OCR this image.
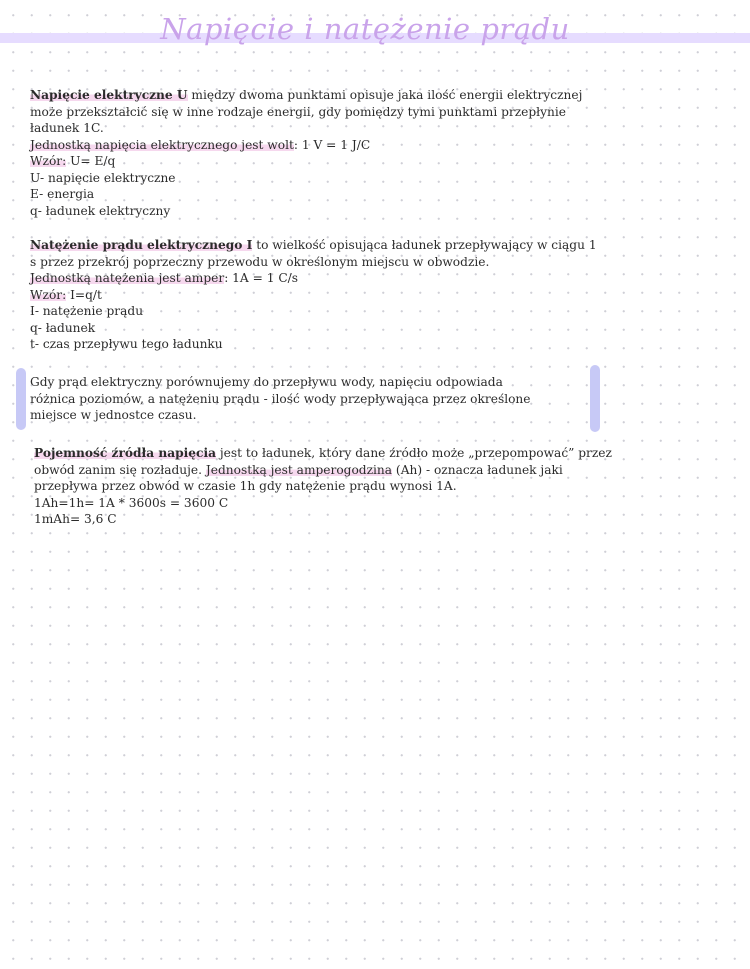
Napięcie i natężenie prądu

Napięcie elektryczne U między dwoma punktami opisuje jaka ilość energii elektrycznej

może przekształcić się w inne rodzaje energii, gdy pomiędzy tymi punktami przepłynie

ładunek 1C.

Jednostką napięcia elektrycznego jest wolt: 1 V = 1 J/C

Wzór: U= E/q

U- napięcie elektryczne

E- energia

q- ładunek elektryczny

Natężenie prądu elektrycznego I to wielkość opisująca ładunek przepływający w ciągu 1

s przez przekrój poprzeczny przewodu w określonym miejscu w obwodzie.

Jednostką natężenia jest amper: 1A = 1 C/s

Wzór: I=q/t

I- natężenie prądu

q- ładunek

t- czas przepływu tego ładunku

Gdy prąd elektryczny porównujemy do przepływu wody, napięciu odpowiada

różnica poziomów, a natężeniu prądu - ilość wody przepływająca przez określone

miejsce w jednostce czasu.

Pojemność źródła napięcia jest to ładunek, który dane źródło może „przepompować” przez

obwód zanim się rozładuje. Jednostką jest amperogodzina (Ah) - oznacza ładunek jaki

przepływa przez obwód w czasie 1h gdy natężenie prądu wynosi 1A.

1Ah=1h= 1A * 3600s = 3600 C

1mAh= 3,6 C
